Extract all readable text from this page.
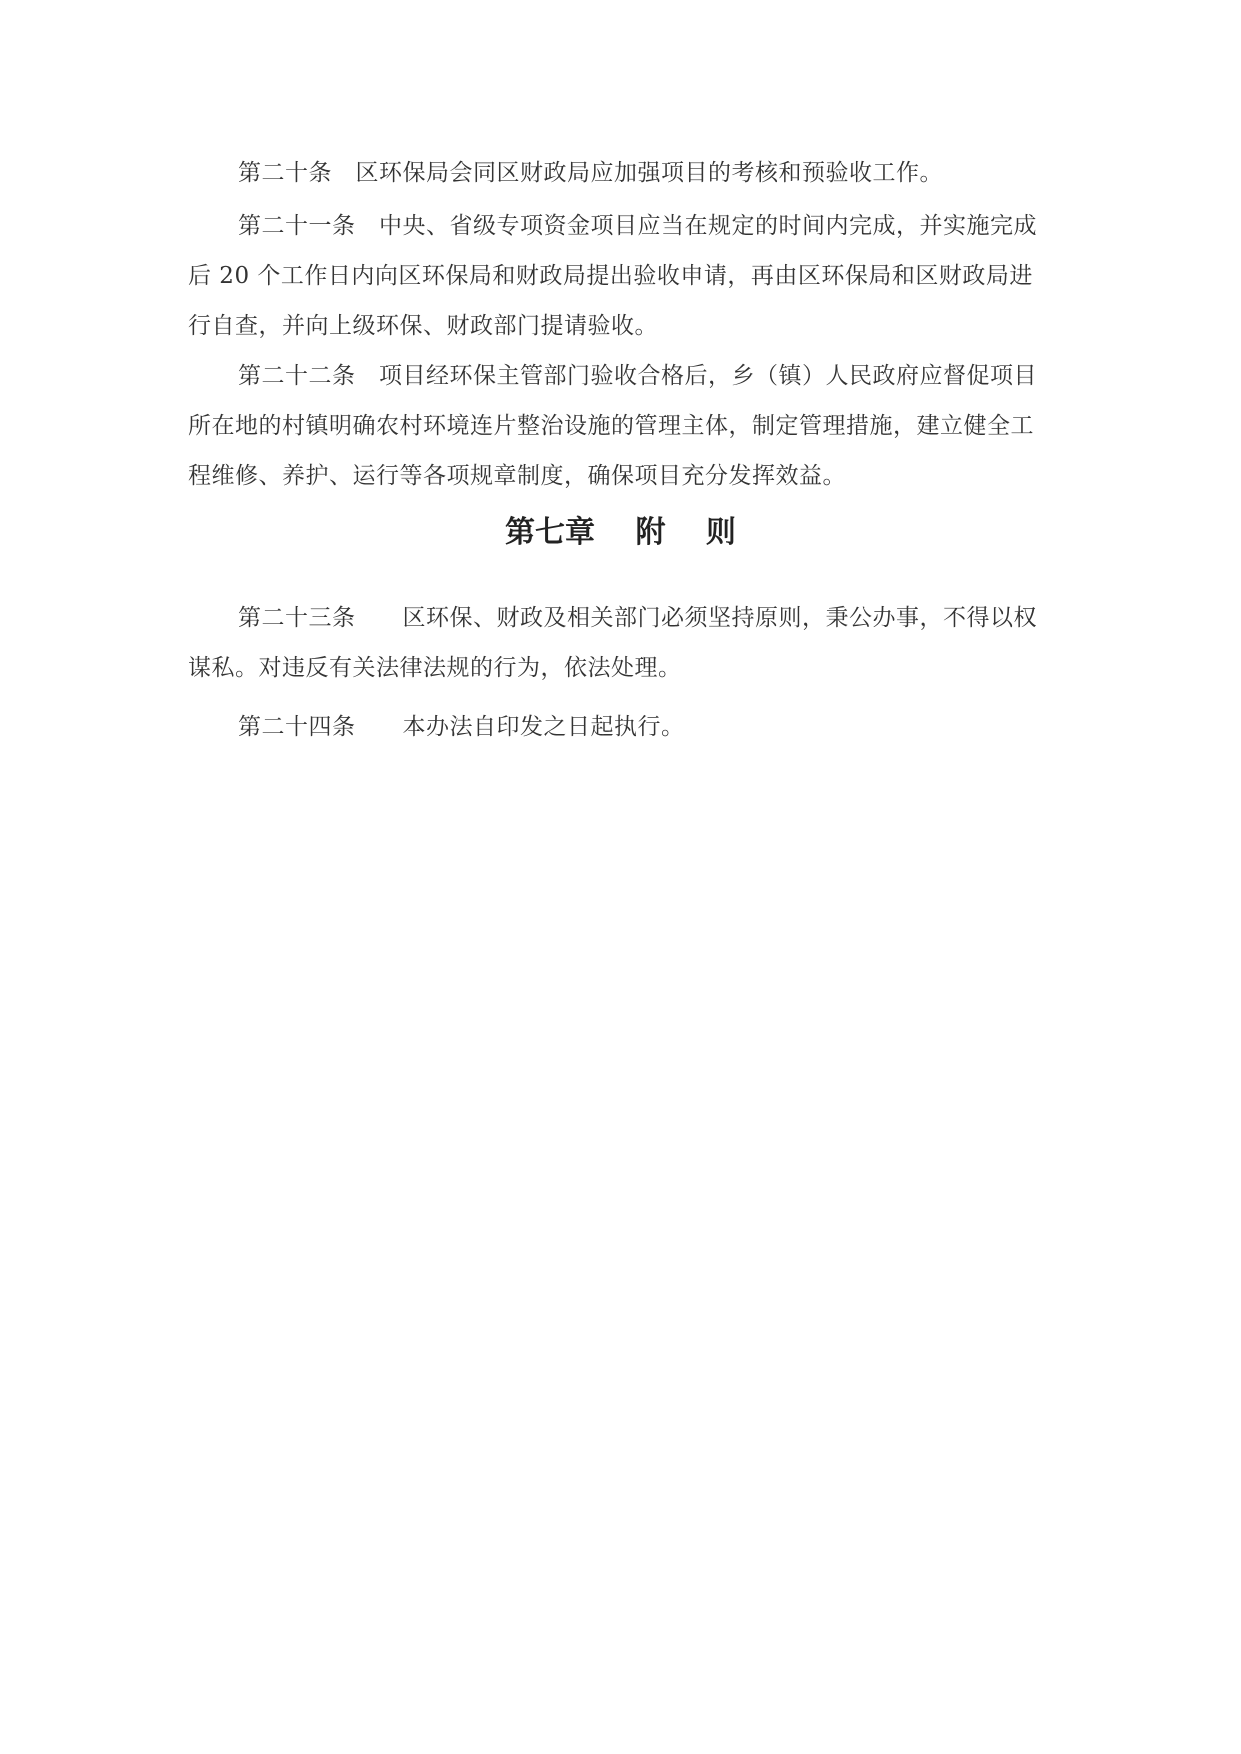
第二十条　区环保局会同区财政局应加强项目的考核和预验收工作。

第二十一条　中央、省级专项资金项目应当在规定的时间内完成，并实施完成后 20 个工作日内向区环保局和财政局提出验收申请，再由区环保局和区财政局进行自查，并向上级环保、财政部门提请验收。

第二十二条　项目经环保主管部门验收合格后，乡（镇）人民政府应督促项目所在地的村镇明确农村环境连片整治设施的管理主体，制定管理措施，建立健全工程维修、养护、运行等各项规章制度，确保项目充分发挥效益。

第七章　 附　 则

第二十三条　　区环保、财政及相关部门必须坚持原则，秉公办事，不得以权谋私。对违反有关法律法规的行为，依法处理。

第二十四条　　本办法自印发之日起执行。
